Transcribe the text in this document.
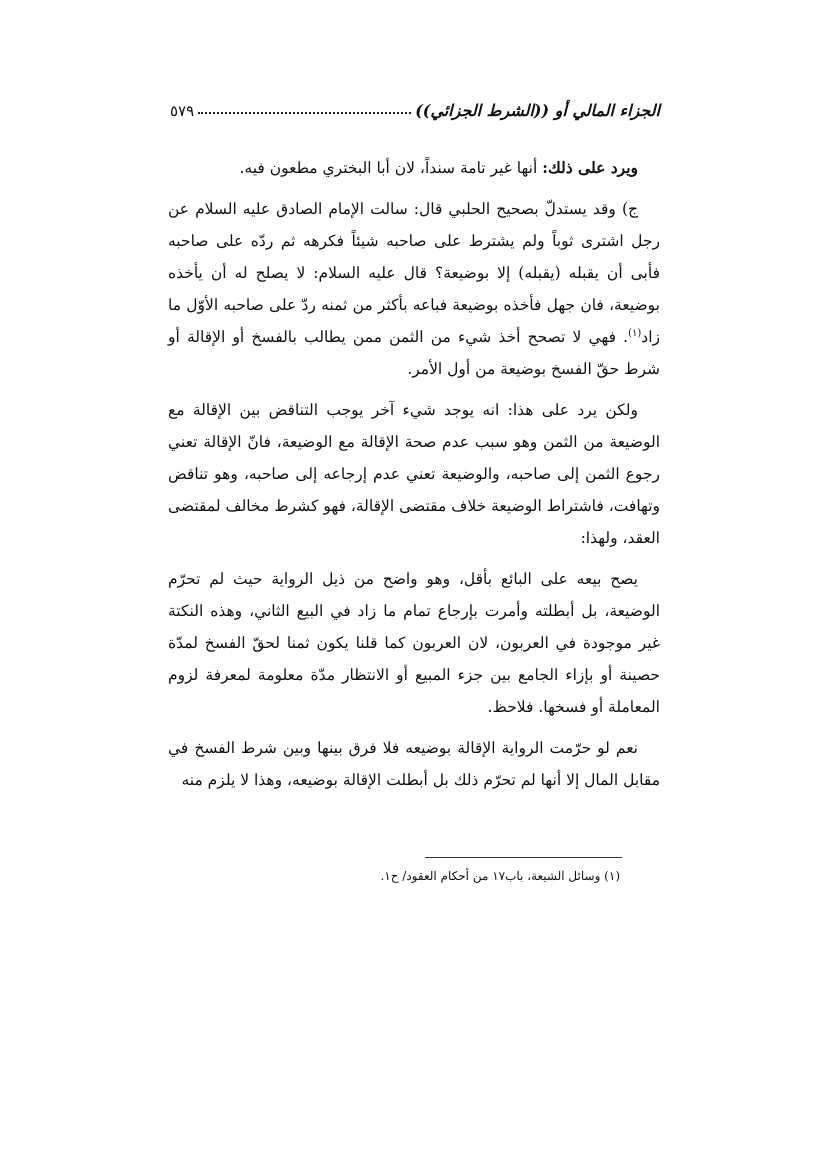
الجزاء المالي أو ((الشرط الجزائي))
٥٧٩

ويرد على ذلك: أنها غير تامة سنداً، لان أبا البختري مطعون فيه.

ج) وقد يستدلّ بصحيح الحلبي قال: سالت الإمام الصادق عليه السلام عن رجل اشترى ثوباً ولم يشترط على صاحبه شيئاً فكرهه ثم ردّه على صاحبه فأبى أن يقبله (يقبله) إلا بوضيعة؟ قال عليه السلام: لا يصلح له أن يأخذه بوضيعة، فان جهل فأخذه بوضيعة فباعه بأكثر من ثمنه ردّ على صاحبه الأوّل ما زاد$^{(١)}$. فهي لا تصحح أخذ شيء من الثمن ممن يطالب بالفسخ أو الإقالة أو شرط حقّ الفسخ بوضيعة من أول الأمر.

ولكن يرد على هذا: انه يوجد شيء آخر يوجب التناقض بين الإقالة مع الوضيعة من الثمن وهو سبب عدم صحة الإقالة مع الوضيعة، فانّ الإقالة تعني رجوع الثمن إلى صاحبه، والوضيعة تعني عدم إرجاعه إلى صاحبه، وهو تناقض وتهافت، فاشتراط الوضيعة خلاف مقتضى الإقالة، فهو كشرط مخالف لمقتضى العقد، ولهذا:

يصح بيعه على البائع بأقل، وهو واضح من ذيل الرواية حيث لم تحرّم الوضيعة، بل أبطلته وأمرت بإرجاع تمام ما زاد في البيع الثاني، وهذه النكتة غير موجودة في العربون، لان العربون كما قلنا يكون ثمنا لحقّ الفسخ لمدّة حصينة أو بإزاء الجامع بين جزء المبيع أو الانتظار مدّة معلومة لمعرفة لزوم المعاملة أو فسخها. فلاحظ.

نعم لو حرّمت الرواية الإقالة بوضيعه فلا فرق بينها وبين شرط الفسخ في مقابل المال إلا أنها لم تحرّم ذلك بل أبطلت الإقالة بوضيعه، وهذا لا يلزم منه

(١) وسائل الشيعة، باب١٧ من أحكام العقود/ ح١.
